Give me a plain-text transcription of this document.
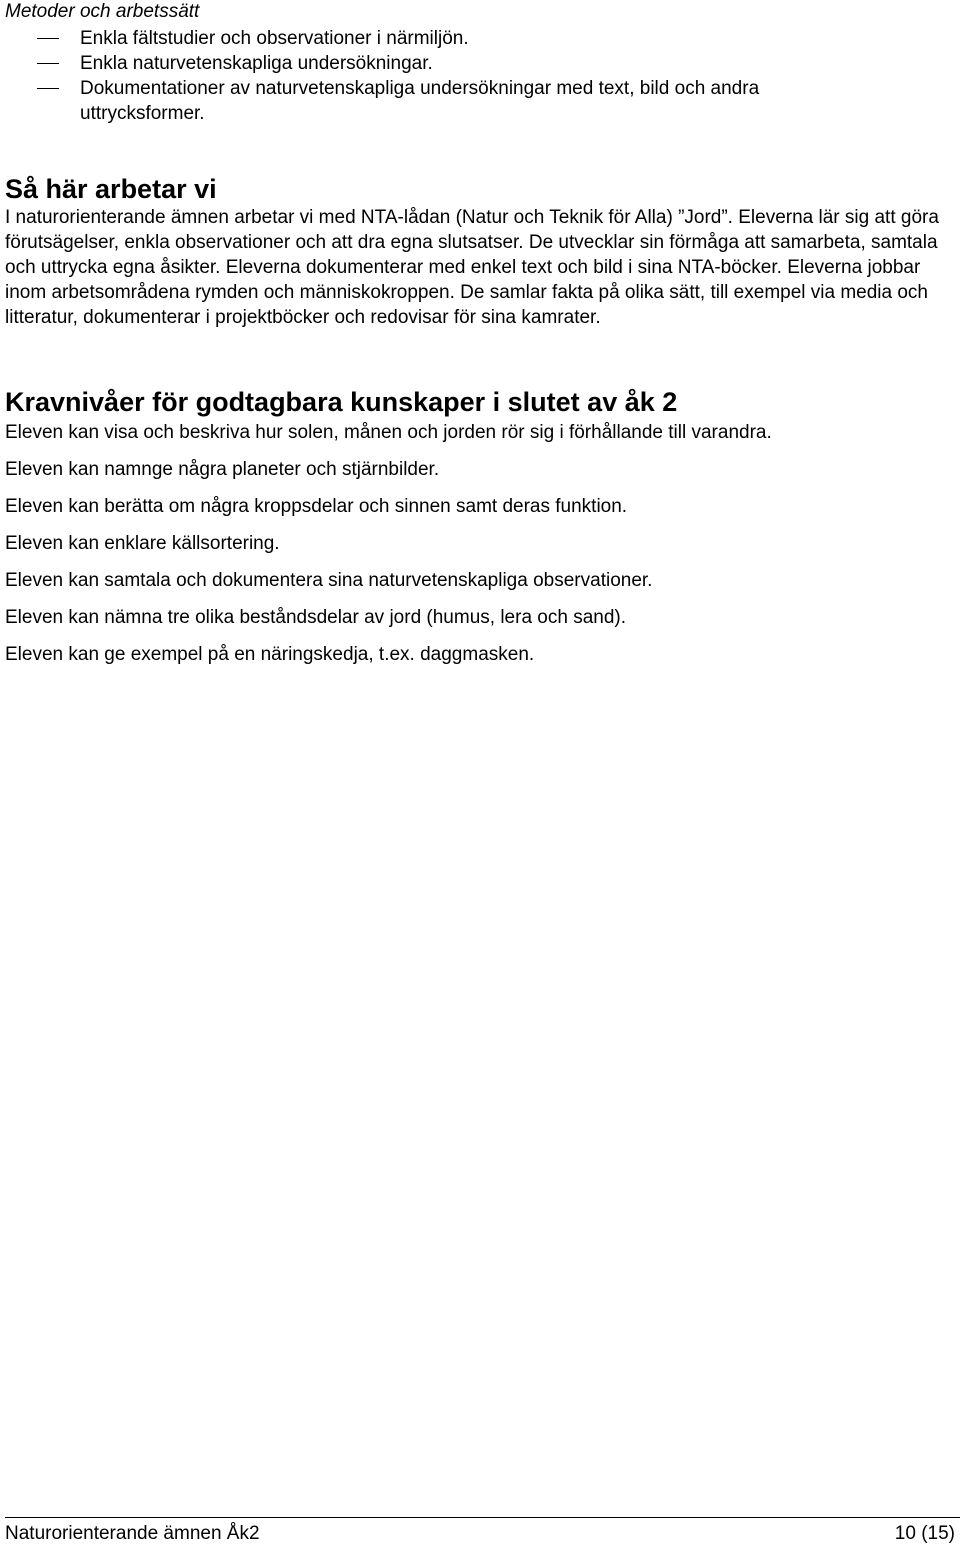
Metoder och arbetssätt

Enkla fältstudier och observationer i närmiljön.
Enkla naturvetenskapliga undersökningar.
Dokumentationer av naturvetenskapliga undersökningar med text, bild och andra uttrycksformer.
Så här arbetar vi

I naturorienterande ämnen arbetar vi med NTA-lådan (Natur och Teknik för Alla) ”Jord”. Eleverna lär sig att göra förutsägelser, enkla observationer och att dra egna slutsatser. De utvecklar sin förmåga att samarbeta, samtala och uttrycka egna åsikter. Eleverna dokumenterar med enkel text och bild i sina NTA-böcker. Eleverna jobbar inom arbetsområdena rymden och människokroppen. De samlar fakta på olika sätt, till exempel via media och litteratur, dokumenterar i projektböcker och redovisar för sina kamrater.

Kravnivåer för godtagbara kunskaper i slutet av åk 2
Eleven kan visa och beskriva hur solen, månen och jorden rör sig i förhållande till varandra.
Eleven kan namnge några planeter och stjärnbilder.
Eleven kan berätta om några kroppsdelar och sinnen samt deras funktion.
Eleven kan enklare källsortering.
Eleven kan samtala och dokumentera sina naturvetenskapliga observationer.
Eleven kan nämna tre olika beståndsdelar av jord (humus, lera och sand).
Eleven kan ge exempel på en näringskedja, t.ex. daggmasken.
Naturorienterande ämnen Åk2	10 (15)
